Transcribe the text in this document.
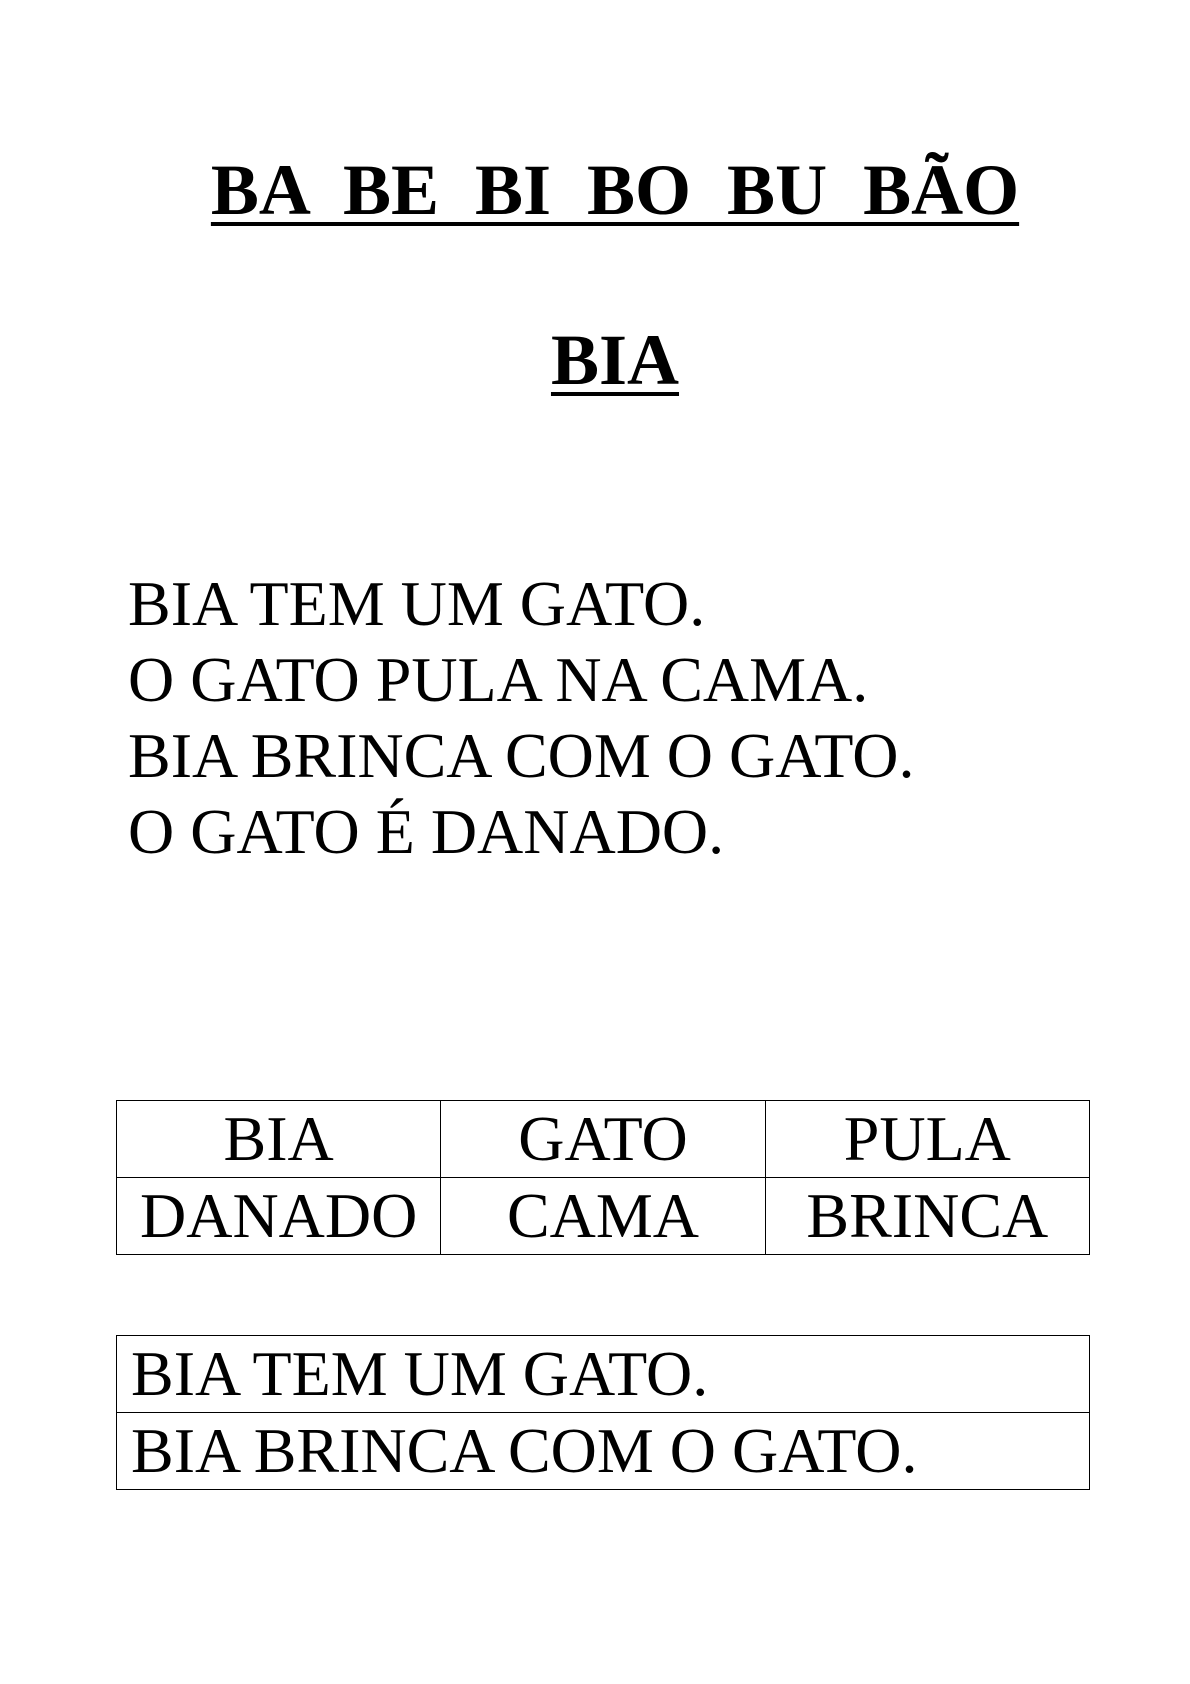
BA  BE  BI  BO  BU  BÃO
BIA
BIA TEM UM GATO.
O GATO PULA NA CAMA.
BIA BRINCA COM O GATO.
O GATO É DANADO.
BIA	GATO	PULA
DANADO	CAMA	BRINCA
BIA TEM UM GATO.
BIA BRINCA COM O GATO.
